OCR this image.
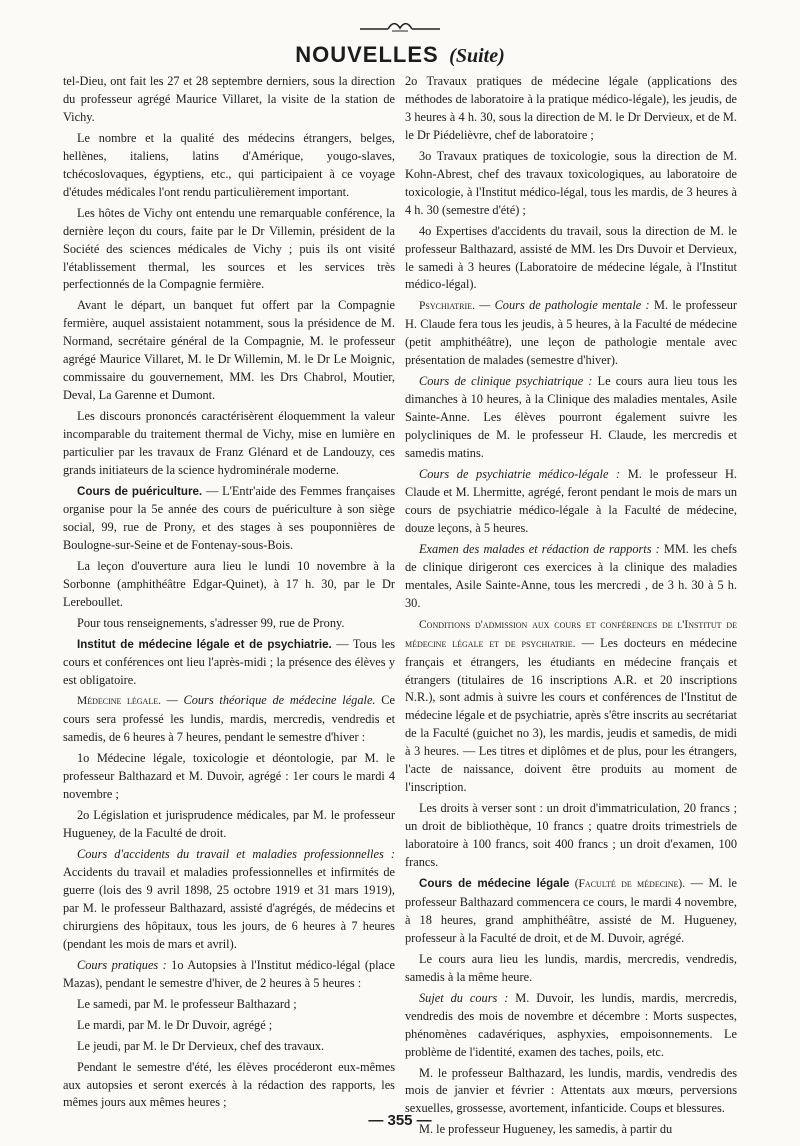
NOUVELLES (Suite)

tel-Dieu, ont fait les 27 et 28 septembre derniers, sous la direction du professeur agrégé Maurice Villaret, la visite de la station de Vichy.

Le nombre et la qualité des médecins étrangers, belges, hellènes, italiens, latins d'Amérique, yougo-slaves, tchécoslovaques, égyptiens, etc., qui participaient à ce voyage d'études médicales l'ont rendu particulièrement important.

Les hôtes de Vichy ont entendu une remarquable conférence, la dernière leçon du cours, faite par le Dr Villemin, président de la Société des sciences médicales de Vichy ; puis ils ont visité l'établissement thermal, les sources et les services très perfectionnés de la Compagnie fermière.

Avant le départ, un banquet fut offert par la Compagnie fermière, auquel assistaient notamment, sous la présidence de M. Normand, secrétaire général de la Compagnie, M. le professeur agrégé Maurice Villaret, M. le Dr Willemin, M. le Dr Le Moignic, commissaire du gouvernement, MM. les Drs Chabrol, Moutier, Deval, La Garenne et Dumont.

Les discours prononcés caractérisèrent éloquemment la valeur incomparable du traitement thermal de Vichy, mise en lumière en particulier par les travaux de Franz Glénard et de Landouzy, ces grands initiateurs de la science hydrominérale moderne.

Cours de puériculture. — L'Entr'aide des Femmes françaises organise pour la 5e année des cours de puériculture à son siège social, 99, rue de Prony, et des stages à ses pouponnières de Boulogne-sur-Seine et de Fontenay-sous-Bois.

La leçon d'ouverture aura lieu le lundi 10 novembre à la Sorbonne (amphithéâtre Edgar-Quinet), à 17 h. 30, par le Dr Lereboullet.

Pour tous renseignements, s'adresser 99, rue de Prony.

Institut de médecine légale et de psychiatrie. — Tous les cours et conférences ont lieu l'après-midi ; la présence des élèves y est obligatoire.

Médecine légale. — Cours théorique de médecine légale. Ce cours sera professé les lundis, mardis, mercredis, vendredis et samedis, de 6 heures à 7 heures, pendant le semestre d'hiver :

1o Médecine légale, toxicologie et déontologie, par M. le professeur Balthazard et M. Duvoir, agrégé : 1er cours le mardi 4 novembre ;

2o Législation et jurisprudence médicales, par M. le professeur Hugueney, de la Faculté de droit.

Cours d'accidents du travail et maladies professionnelles : Accidents du travail et maladies professionnelles et infirmités de guerre (lois des 9 avril 1898, 25 octobre 1919 et 31 mars 1919), par M. le professeur Balthazard, assisté d'agrégés, de médecins et chirurgiens des hôpitaux, tous les jours, de 6 heures à 7 heures (pendant les mois de mars et avril).

Cours pratiques : 1o Autopsies à l'Institut médico-légal (place Mazas), pendant le semestre d'hiver, de 2 heures à 5 heures :

Le samedi, par M. le professeur Balthazard ;

Le mardi, par M. le Dr Duvoir, agrégé ;

Le jeudi, par M. le Dr Dervieux, chef des travaux.

Pendant le semestre d'été, les élèves procéderont eux-mêmes aux autopsies et seront exercés à la rédaction des rapports, les mêmes jours aux mêmes heures ;

2o Travaux pratiques de médecine légale (applications des méthodes de laboratoire à la pratique médico-légale), les jeudis, de 3 heures à 4 h. 30, sous la direction de M. le Dr Dervieux, et de M. le Dr Piédelièvre, chef de laboratoire ;

3o Travaux pratiques de toxicologie, sous la direction de M. Kohn-Abrest, chef des travaux toxicologiques, au laboratoire de toxicologie, à l'Institut médico-légal, tous les mardis, de 3 heures à 4 h. 30 (semestre d'été) ;

4o Expertises d'accidents du travail, sous la direction de M. le professeur Balthazard, assisté de MM. les Drs Duvoir et Dervieux, le samedi à 3 heures (Laboratoire de médecine légale, à l'Institut médico-légal).

Psychiatrie. — Cours de pathologie mentale : M. le professeur H. Claude fera tous les jeudis, à 5 heures, à la Faculté de médecine (petit amphithéâtre), une leçon de pathologie mentale avec présentation de malades (semestre d'hiver).

Cours de clinique psychiatrique : Le cours aura lieu tous les dimanches à 10 heures, à la Clinique des maladies mentales, Asile Sainte-Anne. Les élèves pourront également suivre les polycliniques de M. le professeur H. Claude, les mercredis et samedis matins.

Cours de psychiatrie médico-légale : M. le professeur H. Claude et M. Lhermitte, agrégé, feront pendant le mois de mars un cours de psychiatrie médico-légale à la Faculté de médecine, douze leçons, à 5 heures.

Examen des malades et rédaction de rapports : MM. les chefs de clinique dirigeront ces exercices à la clinique des maladies mentales, Asile Sainte-Anne, tous les mercredi , de 3 h. 30 à 5 h. 30.

Conditions d'admission aux cours et conférences de l'Institut de médecine légale et de psychiatrie. — Les docteurs en médecine français et étrangers, les étudiants en médecine français et étrangers (titulaires de 16 inscriptions A.R. et 20 inscriptions N.R.), sont admis à suivre les cours et conférences de l'Institut de médecine légale et de psychiatrie, après s'être inscrits au secrétariat de la Faculté (guichet no 3), les mardis, jeudis et samedis, de midi à 3 heures. — Les titres et diplômes et de plus, pour les étrangers, l'acte de naissance, doivent être produits au moment de l'inscription.

Les droits à verser sont : un droit d'immatriculation, 20 francs ; un droit de bibliothèque, 10 francs ; quatre droits trimestriels de laboratoire à 100 francs, soit 400 francs ; un droit d'examen, 100 francs.

Cours de médecine légale (Faculté de médecine). — M. le professeur Balthazard commencera ce cours, le mardi 4 novembre, à 18 heures, grand amphithéâtre, assisté de M. Hugueney, professeur à la Faculté de droit, et de M. Duvoir, agrégé.

Le cours aura lieu les lundis, mardis, mercredis, vendredis, samedis à la même heure.

Sujet du cours : M. Duvoir, les lundis, mardis, mercredis, vendredis des mois de novembre et décembre : Morts suspectes, phénomènes cadavériques, asphyxies, empoisonnements. Le problème de l'identité, examen des taches, poils, etc.

M. le professeur Balthazard, les lundis, mardis, vendredis des mois de janvier et février : Attentats aux mœurs, perversions sexuelles, grossesse, avortement, infanticide. Coups et blessures.

M. le professeur Hugueney, les samedis, à partir du

— 355 —
